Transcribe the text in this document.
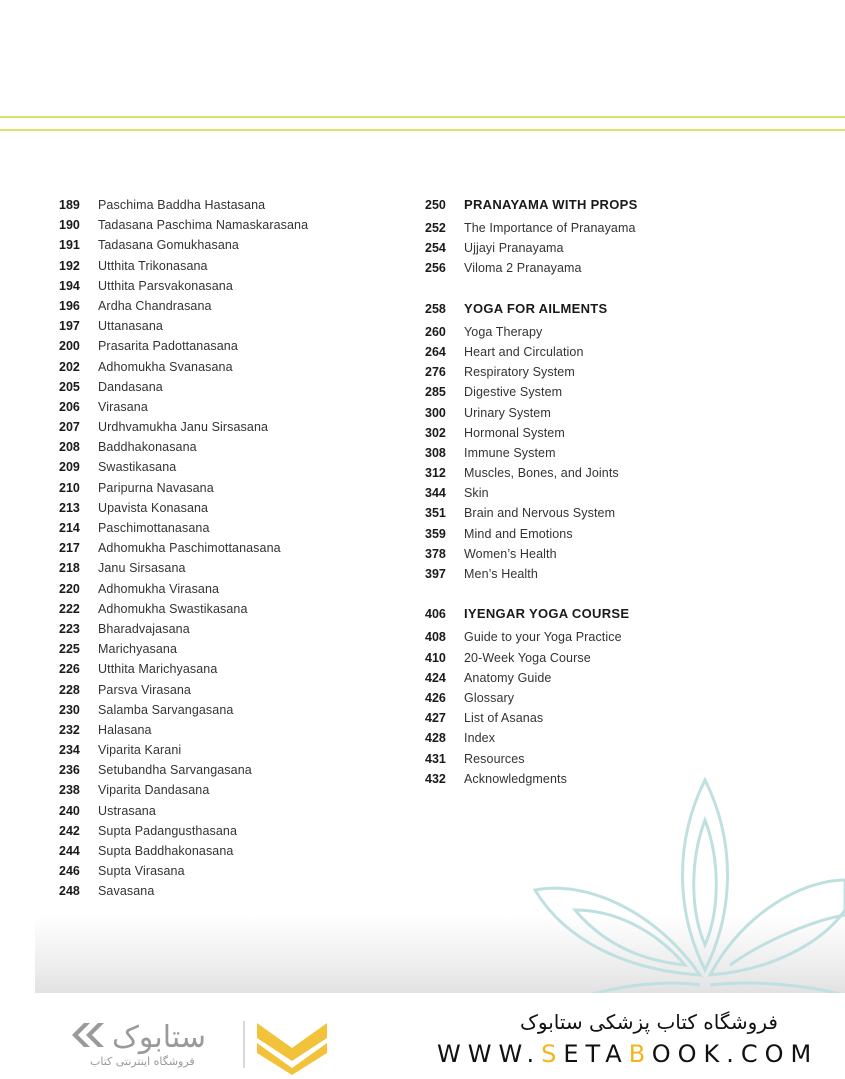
189	Paschima Baddha Hastasana
190	Tadasana Paschima Namaskarasana
191	Tadasana Gomukhasana
192	Utthita Trikonasana
194	Utthita Parsvakonasana
196	Ardha Chandrasana
197	Uttanasana
200	Prasarita Padottanasana
202	Adhomukha Svanasana
205	Dandasana
206	Virasana
207	Urdhvamukha Janu Sirsasana
208	Baddhakonasana
209	Swastikasana
210	Paripurna Navasana
213	Upavista Konasana
214	Paschimottanasana
217	Adhomukha Paschimottanasana
218	Janu Sirsasana
220	Adhomukha Virasana
222	Adhomukha Swastikasana
223	Bharadvajasana
225	Marichyasana
226	Utthita Marichyasana
228	Parsva Virasana
230	Salamba Sarvangasana
232	Halasana
234	Viparita Karani
236	Setubandha Sarvangasana
238	Viparita Dandasana
240	Ustrasana
242	Supta Padangusthasana
244	Supta Baddhakonasana
246	Supta Virasana
248	Savasana
250	PRANAYAMA WITH PROPS
252	The Importance of Pranayama
254	Ujjayi Pranayama
256	Viloma 2 Pranayama
258	YOGA FOR AILMENTS
260	Yoga Therapy
264	Heart and Circulation
276	Respiratory System
285	Digestive System
300	Urinary System
302	Hormonal System
308	Immune System
312	Muscles, Bones, and Joints
344	Skin
351	Brain and Nervous System
359	Mind and Emotions
378	Women’s Health
397	Men’s Health
406	IYENGAR YOGA COURSE
408	Guide to your Yoga Practice
410	20-Week Yoga Course
424	Anatomy Guide
426	Glossary
427	List of Asanas
428	Index
431	Resources
432	Acknowledgments
ستابوک
فروشگاه اینترنتی کتاب
فروشگاه کتاب پزشکی ستابوک
WWW.SETABOOK.COM
